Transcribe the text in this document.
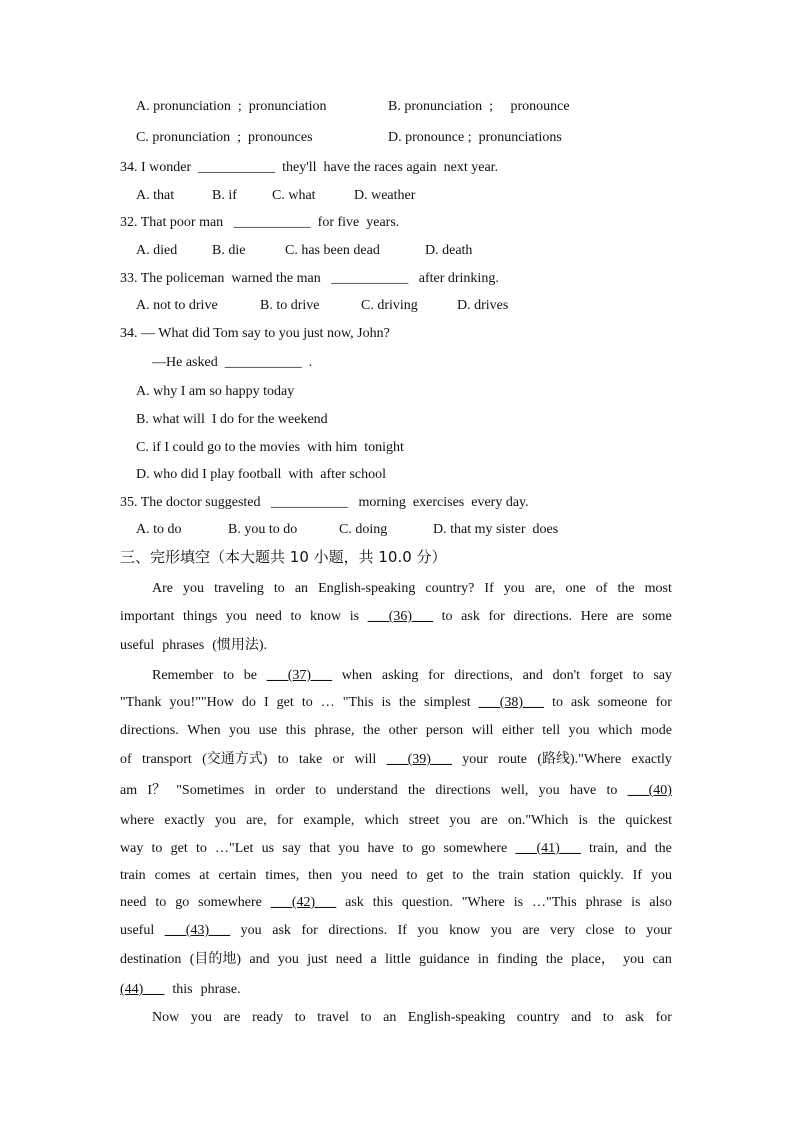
A. pronunciation  ;  pronunciation	B. pronunciation  ;     pronounce
C. pronunciation  ;  pronounces	D. pronounce ;  pronunciations
34. I wonder  ___________  they'll  have the races again  next year.
A. that	B. if	C. what	D. weather
32. That poor man   ___________  for five  years.
A. died B. die	C. has been dead	D. death
33. The policeman  warned the man   ___________   after drinking.
A. not to drive	B. to drive	C. driving	D. drives
34. — What did Tom say to you just now, John?
—He asked  ___________  .
A. why I am so happy today
B. what will  I do for the weekend
C. if I could go to the movies  with him  tonight
D. who did I play football  with  after school
35. The doctor suggested   ___________   morning  exercises  every day.
A. to do	B. you to do	C. doing	D. that my sister  does
三、完形填空（本大题共 10 小题，共 10.0 分）
Are you traveling to an English-speaking country? If you are, one of the most
important things you need to know is ___(36)___ to ask for directions. Here are some
useful phrases (惯用法).
Remember to be ___(37)___ when asking for directions, and don't forget to say
"Thank you!""How do I get to … "This is the simplest ___(38)___ to ask someone for
directions. When you use this phrase, the other person will either tell you which mode
of transport (交通方式) to take or will ___(39)___ your route (路线)."Where exactly
am I？ "Sometimes in order to understand the directions well, you have to ___(40)
where exactly you are, for example, which street you are on."Which is the quickest
way to get to …"Let us say that you have to go somewhere ___(41)___ train, and the
train comes at certain times, then you need to get to the train station quickly. If you
need to go somewhere ___(42)___ ask this question. "Where is …"This phrase is also
useful ___(43)___ you ask for directions. If you know you are very close to your
destination (目的地) and you just need a little guidance in finding the place， you can
(44)___ this phrase.
Now you are ready to travel to an English-speaking country and to ask for
